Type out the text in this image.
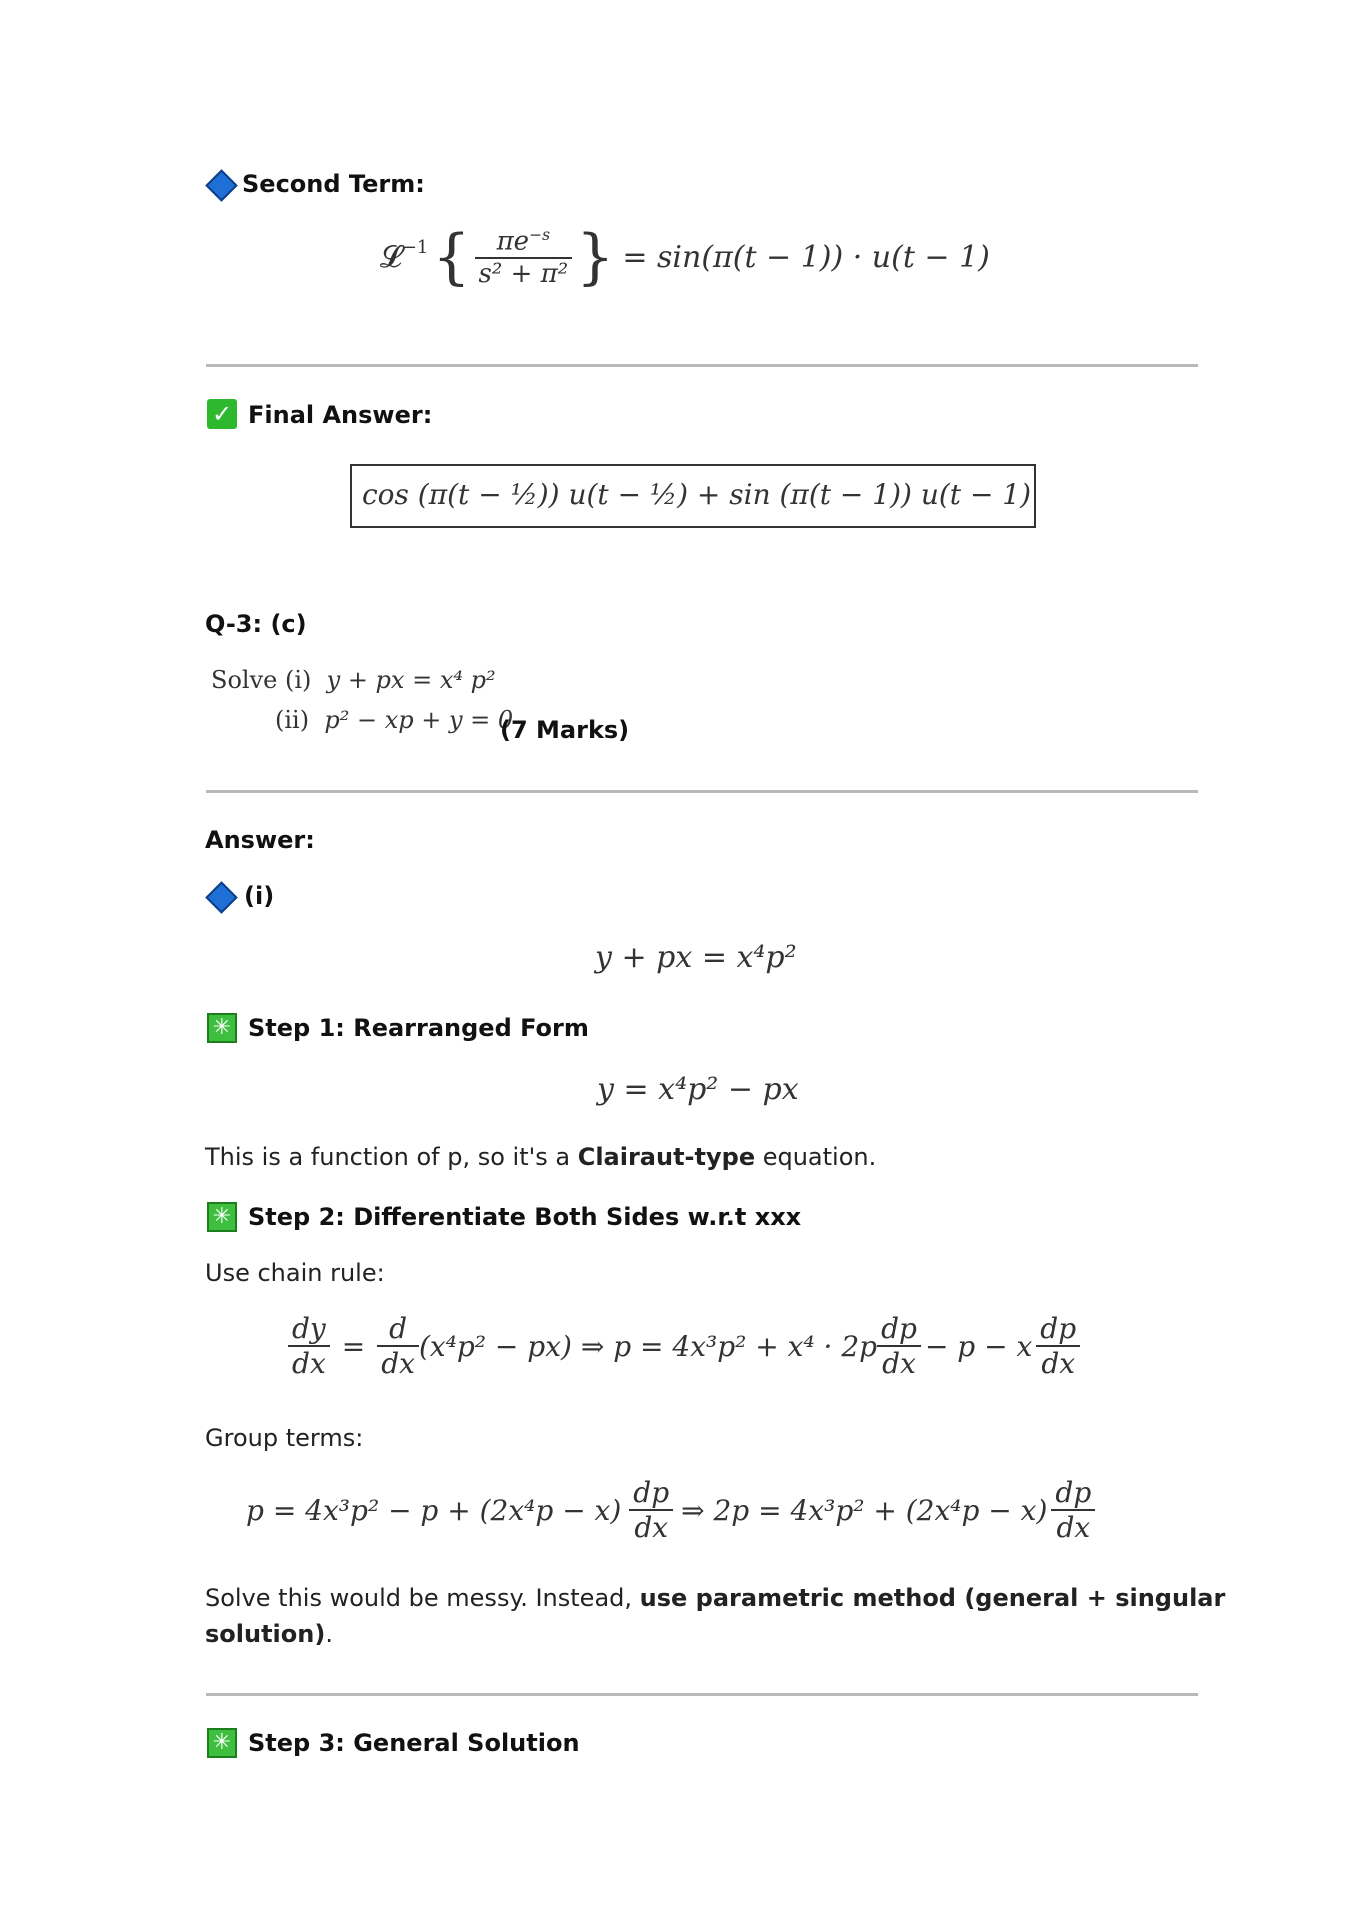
Second Term:
𝓛$^{-1}$ { $\frac{\pi e^{-s}}{\text{s² + π²}}$ } = sin(π(t − 1)) · u(t − 1)
✓ Final Answer:
cos (π(t − ½)) u(t − ½) + sin (π(t − 1)) u(t − 1)
Q-3: (c)
Solve (i) y + px = x⁴ p²
(ii) p² − xp + y = 0
(7 Marks)
Answer:
(i)
y + px = x⁴p²
✳ Step 1: Rearranged Form
y = x⁴p² − px
This is a function of p, so it's a Clairaut-type equation.
✳ Step 2: Differentiate Both Sides w.r.t xxx
Use chain rule:
$\frac{dy}{dx} = \frac{d}{dx} (x^4p^2 - px)$ ⇒ $p = 4x^3p^2 + x^4 \cdot 2p \frac{dp}{dx} - p - x \frac{dp}{dx}$
Group terms:
$p = 4x^3p^2 - p + (2x^4p - x) \frac{dp}{dx}$ ⇒ $2p = 4x^3p^2 + (2x^4p - x) \frac{dp}{dx}$
Solve this would be messy. Instead, use parametric method (general + singular
solution).
✳ Step 3: General Solution
